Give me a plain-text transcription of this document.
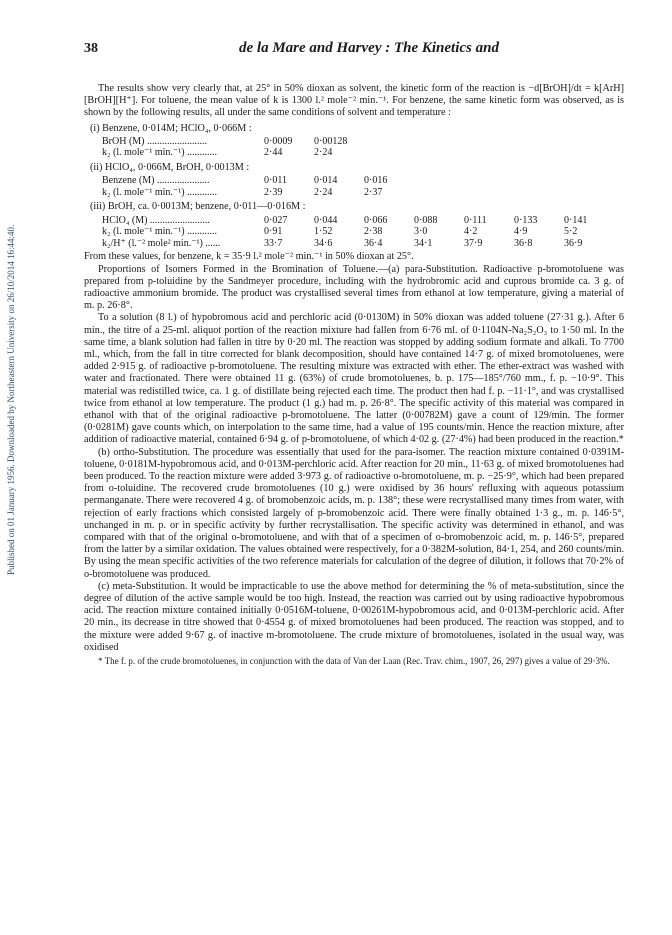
Published on 01 January 1956. Downloaded by Northeastern University on 26/10/2014 16:44:40.
38	de la Mare and Harvey : The Kinetics and

The results show very clearly that, at 25° in 50% dioxan as solvent, the kinetic form of the reaction is −d[BrOH]/dt = k[ArH][BrOH][H⁺]. For toluene, the mean value of k is 1300 l.² mole⁻² min.⁻¹. For benzene, the same kinetic form was observed, as is shown by the following results, all under the same conditions of solvent and temperature :

(i) Benzene, 0·014M; HClO₄, 0·066M :
BrOH (M) ........................	0·0009	0·00128
k₂ (l. mole⁻¹ min.⁻¹) ............	2·44	2·24
(ii) HClO₄, 0·066M, BrOH, 0·0013M :
Benzene (M) .....................	0·011	0·014	0·016
k₂ (l. mole⁻¹ min.⁻¹) ............	2·39	2·24	2·37
(iii) BrOH, ca. 0·0013M; benzene, 0·011—0·016M :
HClO₄ (M) ........................	0·027	0·044	0·066	0·088	0·111	0·133	0·141
k₂ (l. mole⁻¹ min.⁻¹) ............	0·91	1·52	2·38	3·0	4·2	4·9	5·2
k₂/H⁺ (l.⁻² mole² min.⁻¹) ......	33·7	34·6	36·4	34·1	37·9	36·8	36·9

From these values, for benzene, k = 35·9 l.² mole⁻² min.⁻¹ in 50% dioxan at 25°.

Proportions of Isomers Formed in the Bromination of Toluene.—(a) para-Substitution. Radioactive p-bromotoluene was prepared from p-toluidine by the Sandmeyer procedure, including with the hydrobromic acid and cuprous bromide ca. 3 g. of radioactive ammonium bromide. The product was crystallised several times from ethanol at low temperature, giving a material of m. p. 26·8°.

To a solution (8 l.) of hypobromous acid and perchloric acid (0·0130M) in 50% dioxan was added toluene (27·31 g.). After 6 min., the titre of a 25-ml. aliquot portion of the reaction mixture had fallen from 6·76 ml. of 0·1104N-Na₂S₂O₃ to 1·50 ml. In the same time, a blank solution had fallen in titre by 0·20 ml. The reaction was stopped by adding sodium formate and alkali. To 7700 ml., which, from the fall in titre corrected for blank decomposition, should have contained 14·7 g. of mixed bromotoluenes, were added 2·915 g. of radioactive p-bromotoluene. The resulting mixture was extracted with ether. The ether-extract was washed with water and fractionated. There were obtained 11 g. (63%) of crude bromotoluenes, b. p. 175—185°/760 mm., f. p. −10·9°. This material was redistilled twice, ca. 1 g. of distillate being rejected each time. The product then had f. p. −11·1°, and was crystallised twice from ethanol at low temperature. The product (1 g.) had m. p. 26·8°. The specific activity of this material was compared in ethanol with that of the original radioactive p-bromotoluene. The latter (0·00782M) gave a count of 129/min. The former (0·0281M) gave counts which, on interpolation to the same time, had a value of 195 counts/min. Hence the reaction mixture, after addition of radioactive material, contained 6·94 g. of p-bromotoluene, of which 4·02 g. (27·4%) had been produced in the reaction.*

(b) ortho-Substitution. The procedure was essentially that used for the para-isomer. The reaction mixture contained 0·0391M-toluene, 0·0181M-hypobromous acid, and 0·013M-perchloric acid. After reaction for 20 min., 11·63 g. of mixed bromotoluenes had been produced. To the reaction mixture were added 3·973 g. of radioactive o-bromotoluene, m. p. −25·9°, which had been prepared from o-toluidine. The recovered crude bromotoluenes (10 g.) were oxidised by 36 hours' refluxing with aqueous potassium permanganate. There were recovered 4 g. of bromobenzoic acids, m. p. 138°; these were recrystallised many times from water, with rejection of early fractions which consisted largely of p-bromobenzoic acid. There were finally obtained 1·3 g., m. p. 146·5°, unchanged in m. p. or in specific activity by further recrystallisation. The specific activity was determined in ethanol, and was compared with that of the original o-bromotoluene, and with that of a specimen of o-bromobenzoic acid, m. p. 146·5°, prepared from the latter by a similar oxidation. The values obtained were respectively, for a 0·382M-solution, 84·1, 254, and 260 counts/min. By using the mean specific activities of the two reference materials for calculation of the degree of dilution, it follows that 70·2% of o-bromotoluene was produced.

(c) meta-Substitution. It would be impracticable to use the above method for determining the % of meta-substitution, since the degree of dilution of the active sample would be too high. Instead, the reaction was carried out by using radioactive hypobromous acid. The reaction mixture contained initially 0·0516M-toluene, 0·00261M-hypobromous acid, and 0·013M-perchloric acid. After 20 min., its decrease in titre showed that 0·4554 g. of mixed bromotoluenes had been produced. The reaction was stopped, and to the mixture were added 9·67 g. of inactive m-bromotoluene. The crude mixture of bromotoluenes, isolated in the usual way, was oxidised

* The f. p. of the crude bromotoluenes, in conjunction with the data of Van der Laan (Rec. Trav. chim., 1907, 26, 297) gives a value of 29·3%.
